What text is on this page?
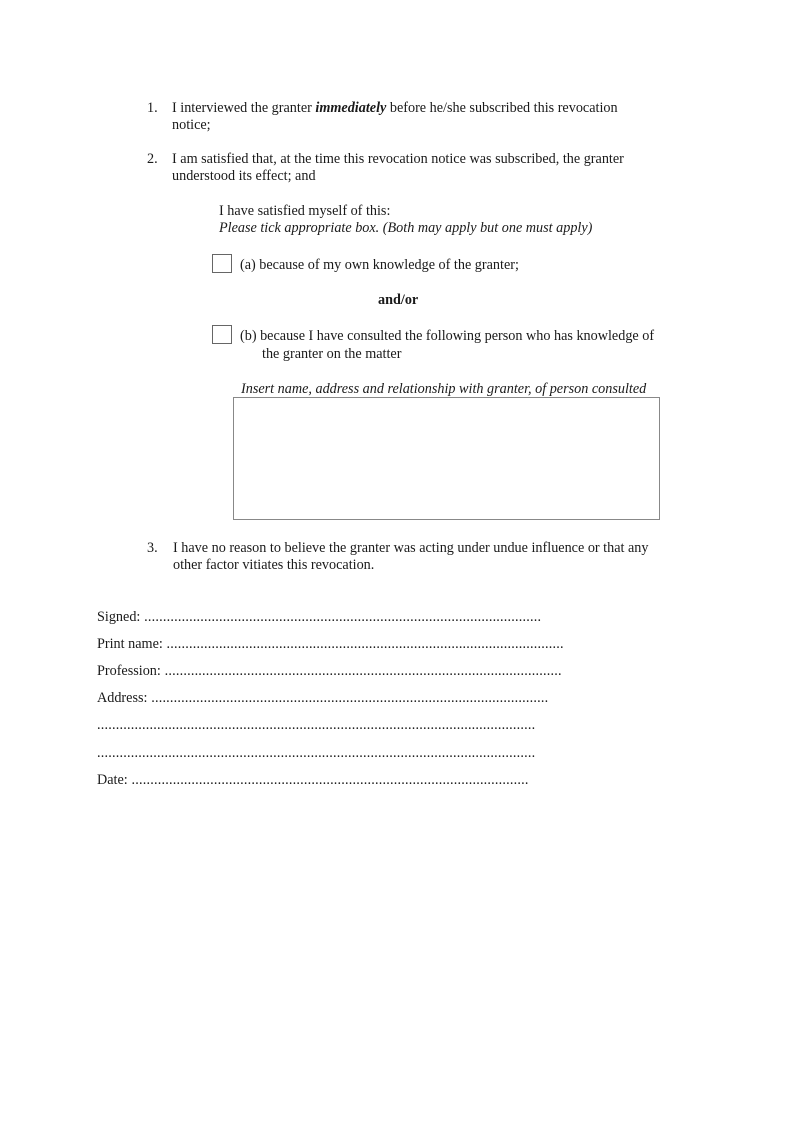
1.	I interviewed the granter immediately before he/she subscribed this revocation
notice;
2.	I am satisfied that, at the time this revocation notice was subscribed, the granter
understood its effect; and
I have satisfied myself of this:
Please tick appropriate box. (Both may apply but one must apply)
(a) because of my own knowledge of the granter;
and/or
(b) because I have consulted the following person who has knowledge of
the granter on the matter
Insert name, address and relationship with granter, of person consulted
3.	I have no reason to believe the granter was acting under undue influence or that any
other factor vitiates this revocation.
Signed: ..........................................................................................................
Print name: ..........................................................................................................
Profession: ..........................................................................................................
Address: ..........................................................................................................
.....................................................................................................................
.....................................................................................................................
Date: ..........................................................................................................
